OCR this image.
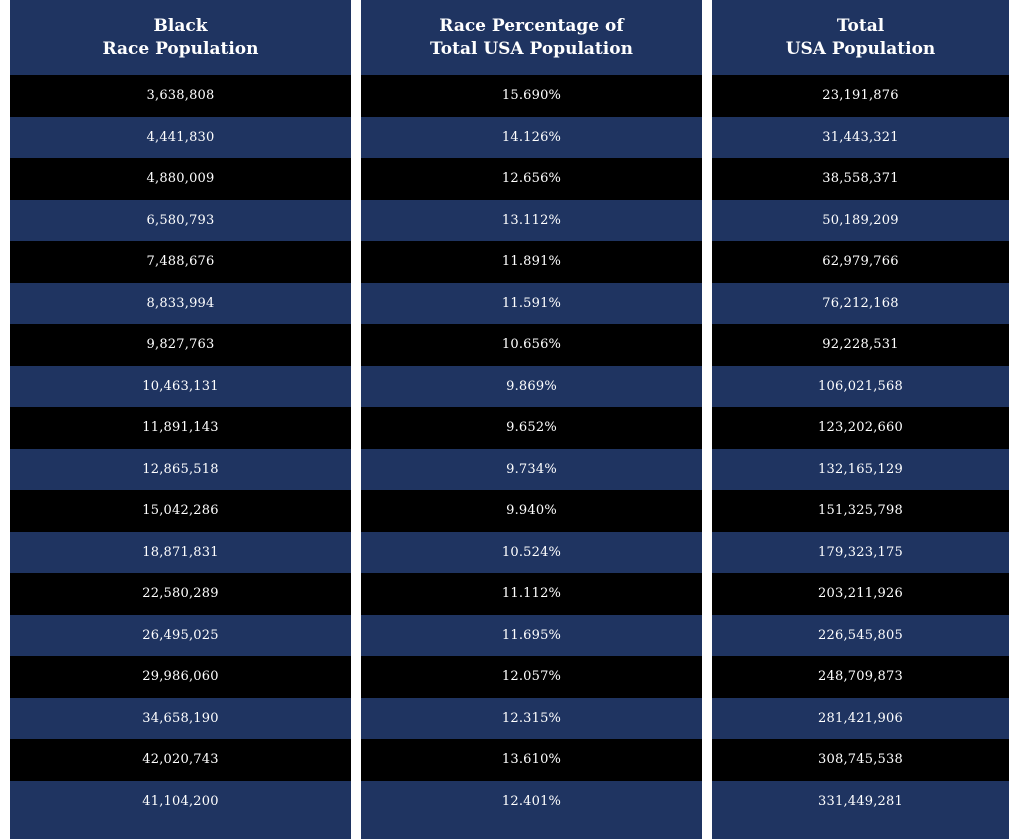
Black
Race Population
3,638,808
4,441,830
4,880,009
6,580,793
7,488,676
8,833,994
9,827,763
10,463,131
11,891,143
12,865,518
15,042,286
18,871,831
22,580,289
26,495,025
29,986,060
34,658,190
42,020,743
41,104,200
Race Percentage of
Total USA Population
15.690%
14.126%
12.656%
13.112%
11.891%
11.591%
10.656%
9.869%
9.652%
9.734%
9.940%
10.524%
11.112%
11.695%
12.057%
12.315%
13.610%
12.401%
Total
USA Population
23,191,876
31,443,321
38,558,371
50,189,209
62,979,766
76,212,168
92,228,531
106,021,568
123,202,660
132,165,129
151,325,798
179,323,175
203,211,926
226,545,805
248,709,873
281,421,906
308,745,538
331,449,281
